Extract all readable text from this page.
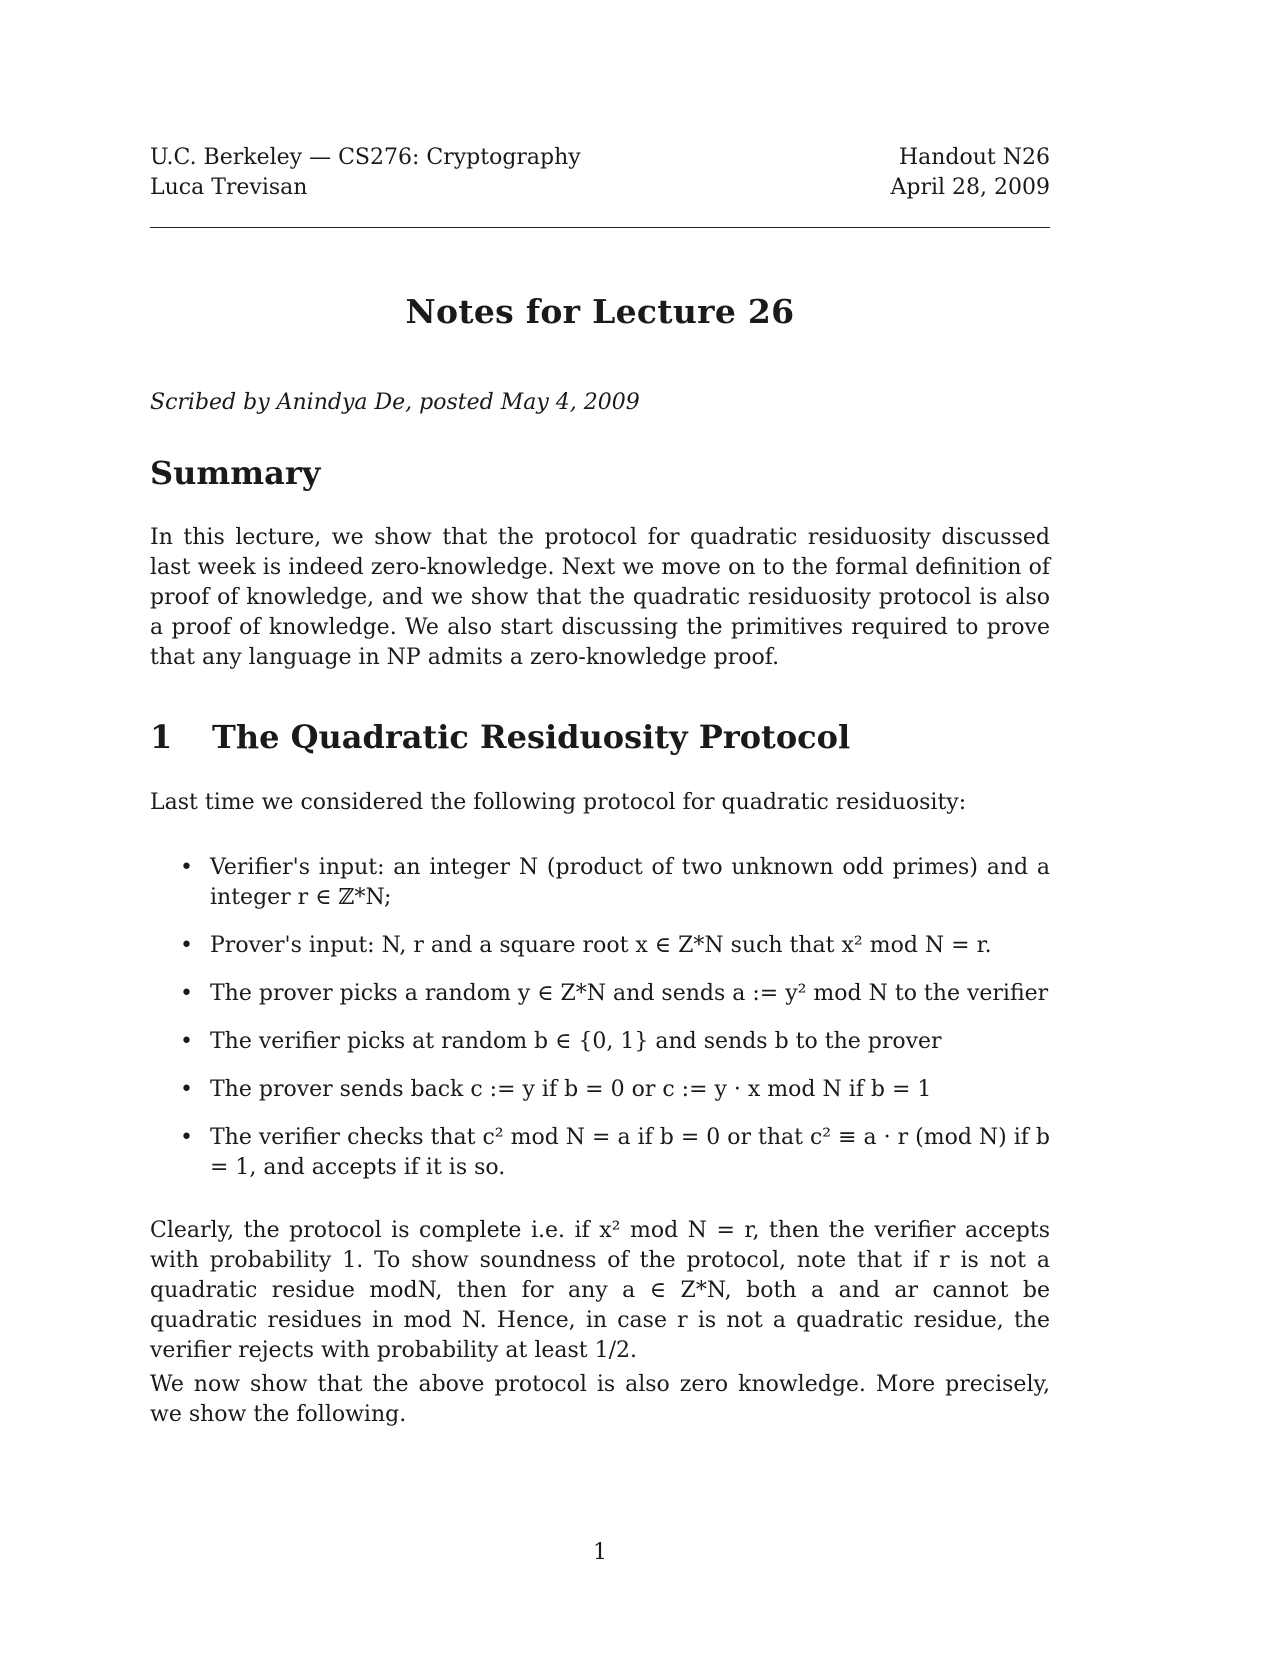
U.C. Berkeley — CS276: Cryptography
Luca Trevisan
Handout N26
April 28, 2009
Notes for Lecture 26
Scribed by Anindya De, posted May 4, 2009
Summary
In this lecture, we show that the protocol for quadratic residuosity discussed last week is indeed zero-knowledge. Next we move on to the formal definition of proof of knowledge, and we show that the quadratic residuosity protocol is also a proof of knowledge. We also start discussing the primitives required to prove that any language in NP admits a zero-knowledge proof.
1 The Quadratic Residuosity Protocol
Last time we considered the following protocol for quadratic residuosity:
• Verifier's input: an integer N (product of two unknown odd primes) and a integer r ∈ ℤ*N;
• Prover's input: N, r and a square root x ∈ Z*N such that x² mod N = r.
• The prover picks a random y ∈ Z*N and sends a := y² mod N to the verifier
• The verifier picks at random b ∈ {0, 1} and sends b to the prover
• The prover sends back c := y if b = 0 or c := y · x mod N if b = 1
• The verifier checks that c² mod N = a if b = 0 or that c² ≡ a · r (mod N) if b = 1, and accepts if it is so.
Clearly, the protocol is complete i.e. if x² mod N = r, then the verifier accepts with probability 1. To show soundness of the protocol, note that if r is not a quadratic residue modN, then for any a ∈ Z*N, both a and ar cannot be quadratic residues in mod N. Hence, in case r is not a quadratic residue, the verifier rejects with probability at least 1/2.
We now show that the above protocol is also zero knowledge. More precisely, we show the following.
1
